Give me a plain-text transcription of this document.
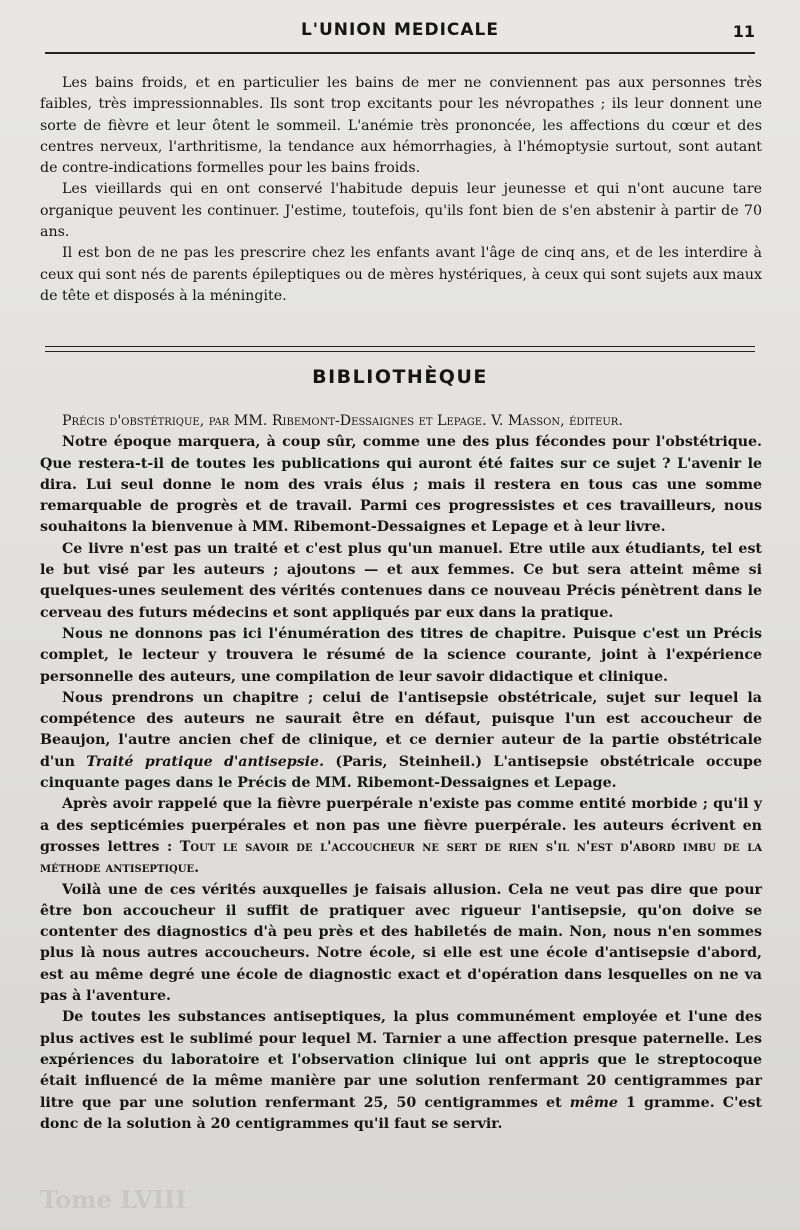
L'UNION MEDICALE	11

Les bains froids, et en particulier les bains de mer ne conviennent pas aux personnes très faibles, très impressionnables. Ils sont trop excitants pour les névropathes ; ils leur donnent une sorte de fièvre et leur ôtent le sommeil. L'anémie très prononcée, les affections du cœur et des centres nerveux, l'arthritisme, la tendance aux hémorrhagies, à l'hémoptysie surtout, sont autant de contre-indications formelles pour les bains froids.

Les vieillards qui en ont conservé l'habitude depuis leur jeunesse et qui n'ont aucune tare organique peuvent les continuer. J'estime, toutefois, qu'ils font bien de s'en abstenir à partir de 70 ans.

Il est bon de ne pas les prescrire chez les enfants avant l'âge de cinq ans, et de les interdire à ceux qui sont nés de parents épileptiques ou de mères hystériques, à ceux qui sont sujets aux maux de tête et disposés à la méningite.

BIBLIOTHÈQUE

Précis d'obstétrique, par MM. Ribemont-Dessaignes et Lepage. V. Masson, éditeur.

Notre époque marquera, à coup sûr, comme une des plus fécondes pour l'obstétrique. Que restera-t-il de toutes les publications qui auront été faites sur ce sujet ? L'avenir le dira. Lui seul donne le nom des vrais élus ; mais il restera en tous cas une somme remarquable de progrès et de travail. Parmi ces progressistes et ces travailleurs, nous souhaitons la bienvenue à MM. Ribemont-Dessaignes et Lepage et à leur livre.

Ce livre n'est pas un traité et c'est plus qu'un manuel. Etre utile aux étudiants, tel est le but visé par les auteurs ; ajoutons — et aux femmes. Ce but sera atteint même si quelques-unes seulement des vérités contenues dans ce nouveau Précis pénètrent dans le cerveau des futurs médecins et sont appliqués par eux dans la pratique.

Nous ne donnons pas ici l'énumération des titres de chapitre. Puisque c'est un Précis complet, le lecteur y trouvera le résumé de la science courante, joint à l'expérience personnelle des auteurs, une compilation de leur savoir didactique et clinique.

Nous prendrons un chapitre ; celui de l'antisepsie obstétricale, sujet sur lequel la compétence des auteurs ne saurait être en défaut, puisque l'un est accoucheur de Beaujon, l'autre ancien chef de clinique, et ce dernier auteur de la partie obstétricale d'un Traité pratique d'antisepsie. (Paris, Steinheil.) L'antisepsie obstétricale occupe cinquante pages dans le Précis de MM. Ribemont-Dessaignes et Lepage.

Après avoir rappelé que la fièvre puerpérale n'existe pas comme entité morbide ; qu'il y a des septicémies puerpérales et non pas une fièvre puerpérale. les auteurs écrivent en grosses lettres : Tout le savoir de l'accoucheur ne sert de rien s'il n'est d'abord imbu de la méthode antiseptique.

Voilà une de ces vérités auxquelles je faisais allusion. Cela ne veut pas dire que pour être bon accoucheur il suffit de pratiquer avec rigueur l'antisepsie, qu'on doive se contenter des diagnostics d'à peu près et des habiletés de main. Non, nous n'en sommes plus là nous autres accoucheurs. Notre école, si elle est une école d'antisepsie d'abord, est au même degré une école de diagnostic exact et d'opération dans lesquelles on ne va pas à l'aventure.

De toutes les substances antiseptiques, la plus communément employée et l'une des plus actives est le sublimé pour lequel M. Tarnier a une affection presque paternelle. Les expériences du laboratoire et l'observation clinique lui ont appris que le streptocoque était influencé de la même manière par une solution renfermant 20 centigrammes par litre que par une solution renfermant 25, 50 centigrammes et même 1 gramme. C'est donc de la solution à 20 centigrammes qu'il faut se servir.

Tome LVIII
